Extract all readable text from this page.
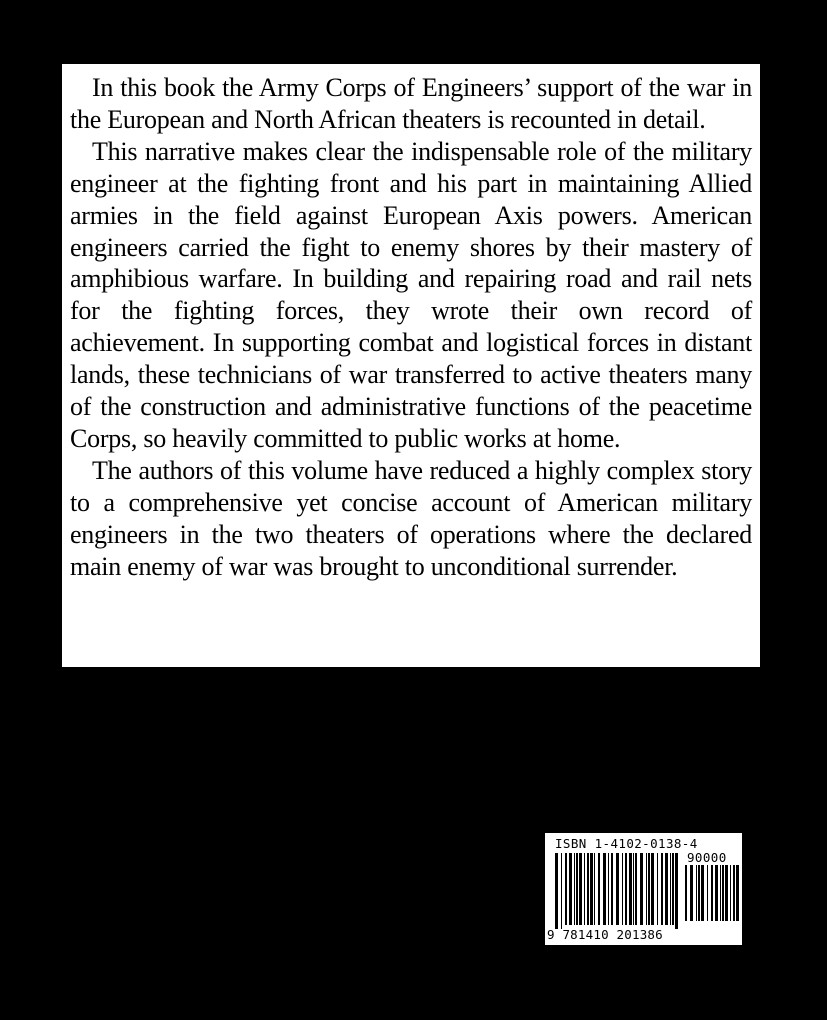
In this book the Army Corps of Engineers’ support of the war in the European and North African theaters is recounted in detail.

This narrative makes clear the indispensable role of the military engineer at the fighting front and his part in maintaining Allied armies in the field against European Axis powers. American engineers carried the fight to enemy shores by their mastery of amphibious warfare. In building and repairing road and rail nets for the fighting forces, they wrote their own record of achievement. In supporting combat and logistical forces in distant lands, these technicians of war transferred to active theaters many of the construction and administrative functions of the peacetime Corps, so heavily committed to public works at home.

The authors of this volume have reduced a highly complex story to a comprehensive yet concise account of American military engineers in the two theaters of operations where the declared main enemy of war was brought to unconditional surrender.

ISBN 1-4102-0138-4
90000
9 781410 201386
